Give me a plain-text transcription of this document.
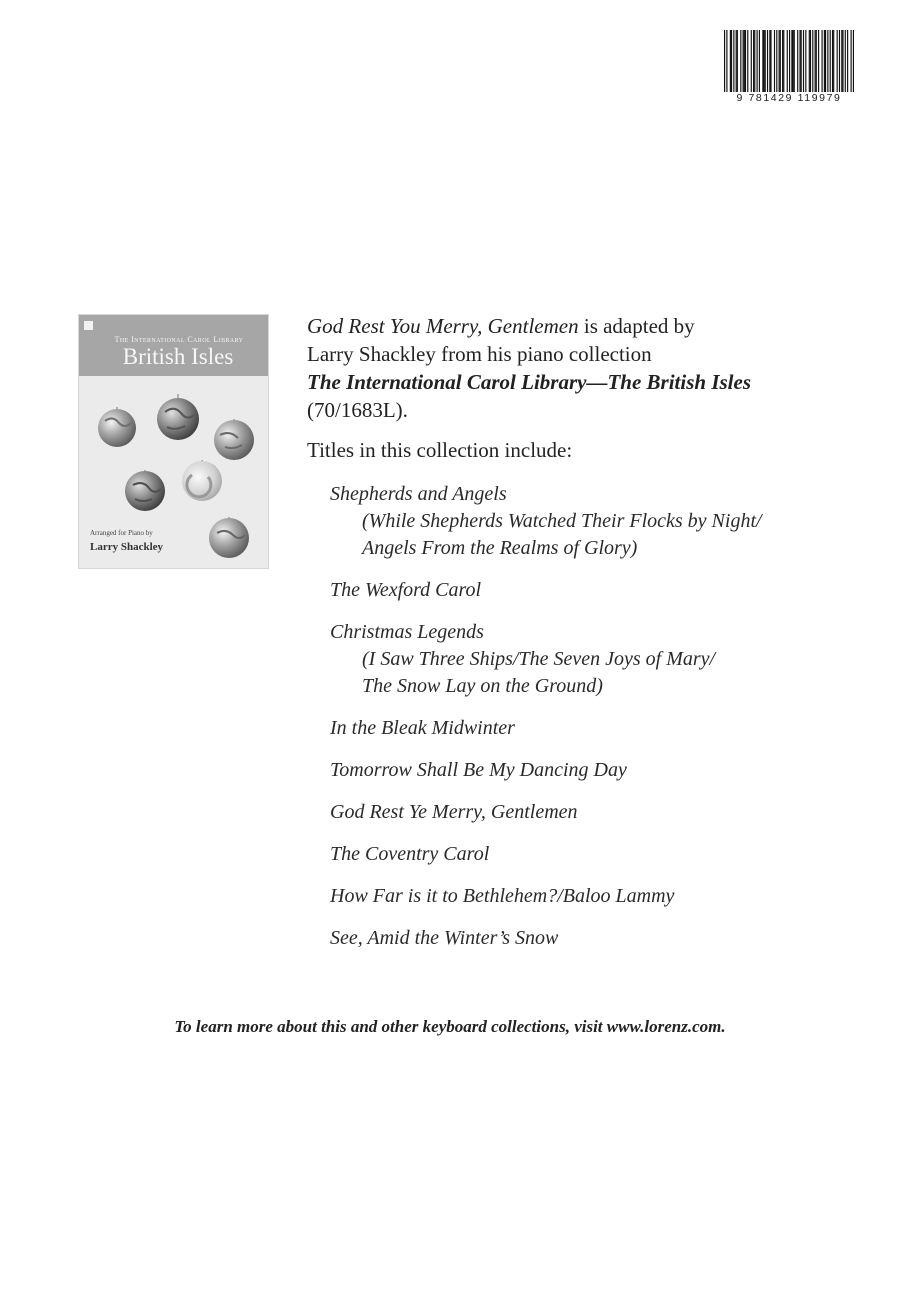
9 781429 119979
The International Carol Library
British Isles
Arranged for Piano by
Larry Shackley

God Rest You Merry, Gentlemen is adapted by

Larry Shackley from his piano collection

The International Carol Library—The British Isles

(70/1683L).

Titles in this collection include:
Shepherds and Angels
(While Shepherds Watched Their Flocks by Night/
Angels From the Realms of Glory)
The Wexford Carol
Christmas Legends
(I Saw Three Ships/The Seven Joys of Mary/
The Snow Lay on the Ground)
In the Bleak Midwinter
Tomorrow Shall Be My Dancing Day
God Rest Ye Merry, Gentlemen
The Coventry Carol
How Far is it to Bethlehem?/Baloo Lammy
See, Amid the Winter’s Snow
To learn more about this and other keyboard collections, visit www.lorenz.com.
